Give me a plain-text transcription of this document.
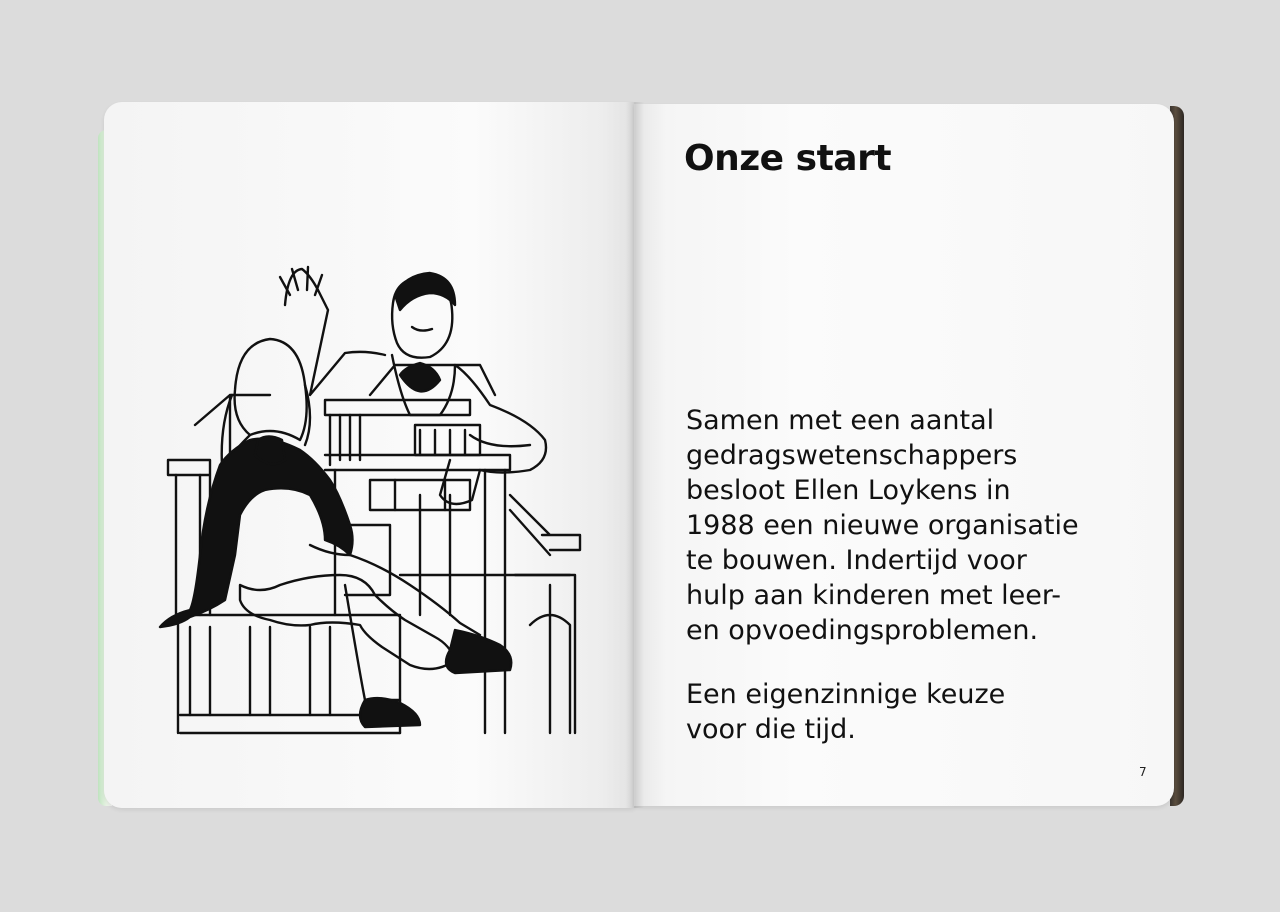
Onze start
Samen met een aantal
gedragswetenschappers
besloot Ellen Loykens in
1988 een nieuwe organisatie
te bouwen. Indertijd voor
hulp aan kinderen met leer-
en opvoedingsproblemen.
Een eigenzinnige keuze
voor die tijd.
7
